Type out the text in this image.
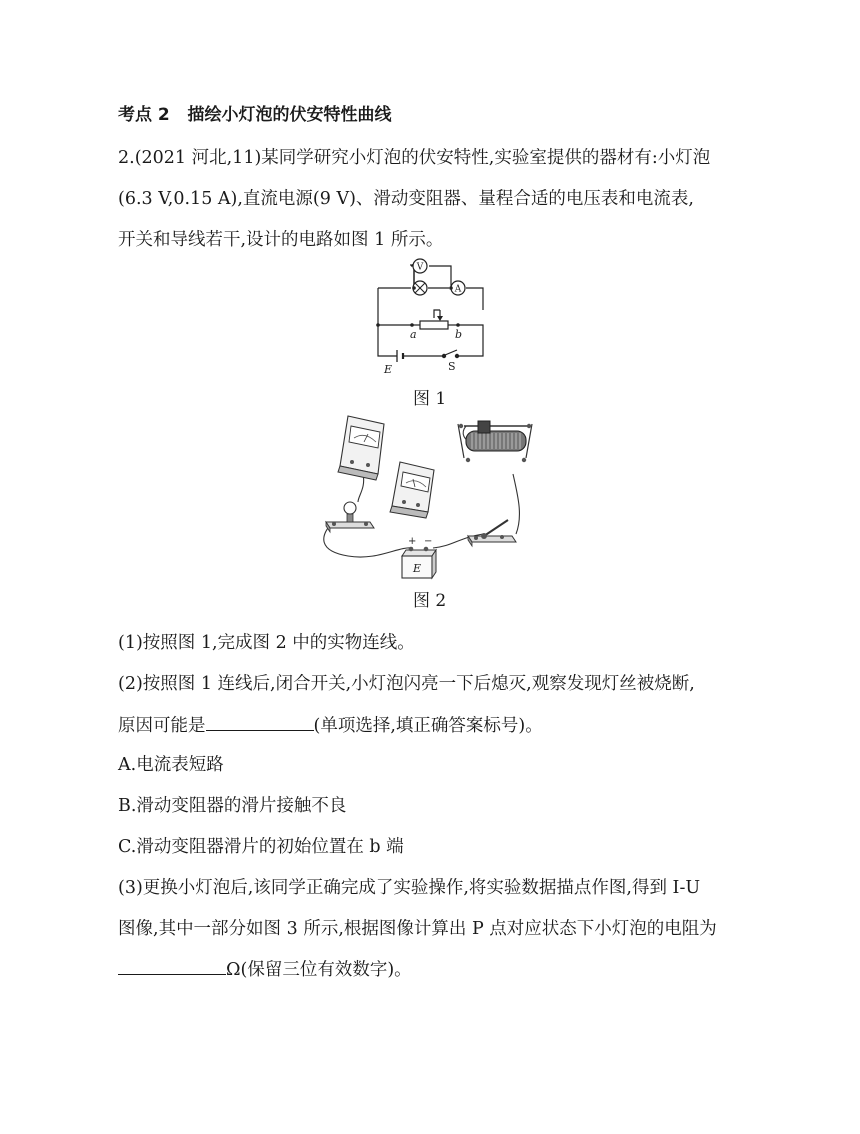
考点 2 描绘小灯泡的伏安特性曲线
2.(2021 河北,11)某同学研究小灯泡的伏安特性,实验室提供的器材有:小灯泡
(6.3 V,0.15 A),直流电源(9 V)、滑动变阻器、量程合适的电压表和电流表,
开关和导线若干,设计的电路如图 1 所示。
V
A
a	b
E	S
图 1
E
+ −
图 2
(1)按照图 1,完成图 2 中的实物连线。
(2)按照图 1 连线后,闭合开关,小灯泡闪亮一下后熄灭,观察发现灯丝被烧断,
原因可能是	(单项选择,填正确答案标号)。
A.电流表短路
B.滑动变阻器的滑片接触不良
C.滑动变阻器滑片的初始位置在 b 端
(3)更换小灯泡后,该同学正确完成了实验操作,将实验数据描点作图,得到 I-U
图像,其中一部分如图 3 所示,根据图像计算出 P 点对应状态下小灯泡的电阻为
Ω(保留三位有效数字)。
